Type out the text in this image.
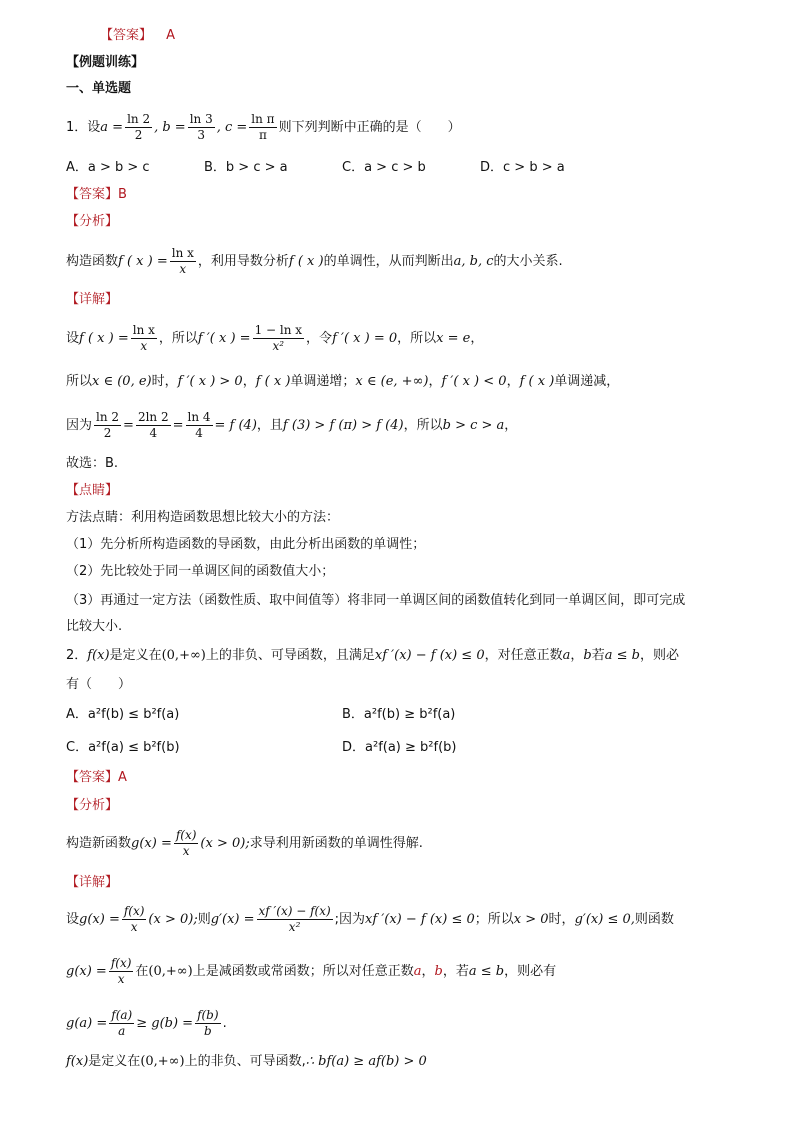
【答案】 A
【例题训练】
一、单选题
1．设$a = \frac{\ln 2}{2}$ , $b = \frac{\ln 3}{3}$ , $c = \frac{\text{ln π}}{\pi}$ 则下列判断中正确的是（　　）
A．a > b > c	B．b > c > a	C．a > c > b	D．c > b > a
【答案】B
【分析】
构造函数f ( x ) = $\frac{\text{ln x}}{x}$ ，利用导数分析f ( x )的单调性，从而判断出a, b, c的大小关系.
【详解】
设f ( x ) = $\frac{\text{ln x}}{x}$ ，所以f ′( x ) = $\frac{\text{1 − ln x}}{\text{x²}}$ ，令f ′( x ) = 0，所以x = e，
所以x ∈ (0, e)时，f ′( x ) > 0，f ( x )单调递增；x ∈ (e, +∞)，f ′( x ) < 0，f ( x )单调递减，
因为 $\frac{\ln 2}{2} = \frac{2\ln 2}{4} = \frac{\ln 4}{4} = f$ (4)，且f (3) > f (π) > f (4)，所以b > c > a，
故选：B.
【点睛】
方法点睛：利用构造函数思想比较大小的方法：
（1）先分析所构造函数的导函数，由此分析出函数的单调性；
（2）先比较处于同一单调区间的函数值大小；
（3）再通过一定方法（函数性质、取中间值等）将非同一单调区间的函数值转化到同一单调区间，即可完成
比较大小.
2．f(x)是定义在(0,+∞)上的非负、可导函数，且满足xf ′(x) − f (x) ≤ 0，对任意正数a，b若a ≤ b，则必
有（　　）
A．a²f(b) ≤ b²f(a)	B．a²f(b) ≥ b²f(a)
C．a²f(a) ≤ b²f(b)	D．a²f(a) ≥ b²f(b)
【答案】A
【分析】
构造新函数$g(x) = \frac{f(x)}{x} (x > 0)$;求导利用新函数的单调性得解.
【详解】
设$g(x) = \frac{f(x)}{x} (x > 0)$;则$g'(x) = \frac{xf '(x) - f(x)}{\text{x²}}$ ;因为xf ′(x) − f (x) ≤ 0；所以x > 0时，g′(x) ≤ 0,则函数
$g(x) = \frac{f(x)}{x}$ 在(0,+∞)上是减函数或常函数；所以对任意正数a，b，若a ≤ b，则必有
$g(a) = \frac{f(a)}{a} \ge g(b) = \frac{f(b)}{b}$ .
f(x)是定义在(0,+∞)上的非负、可导函数,∴ bf(a) ≥ af(b) > 0
